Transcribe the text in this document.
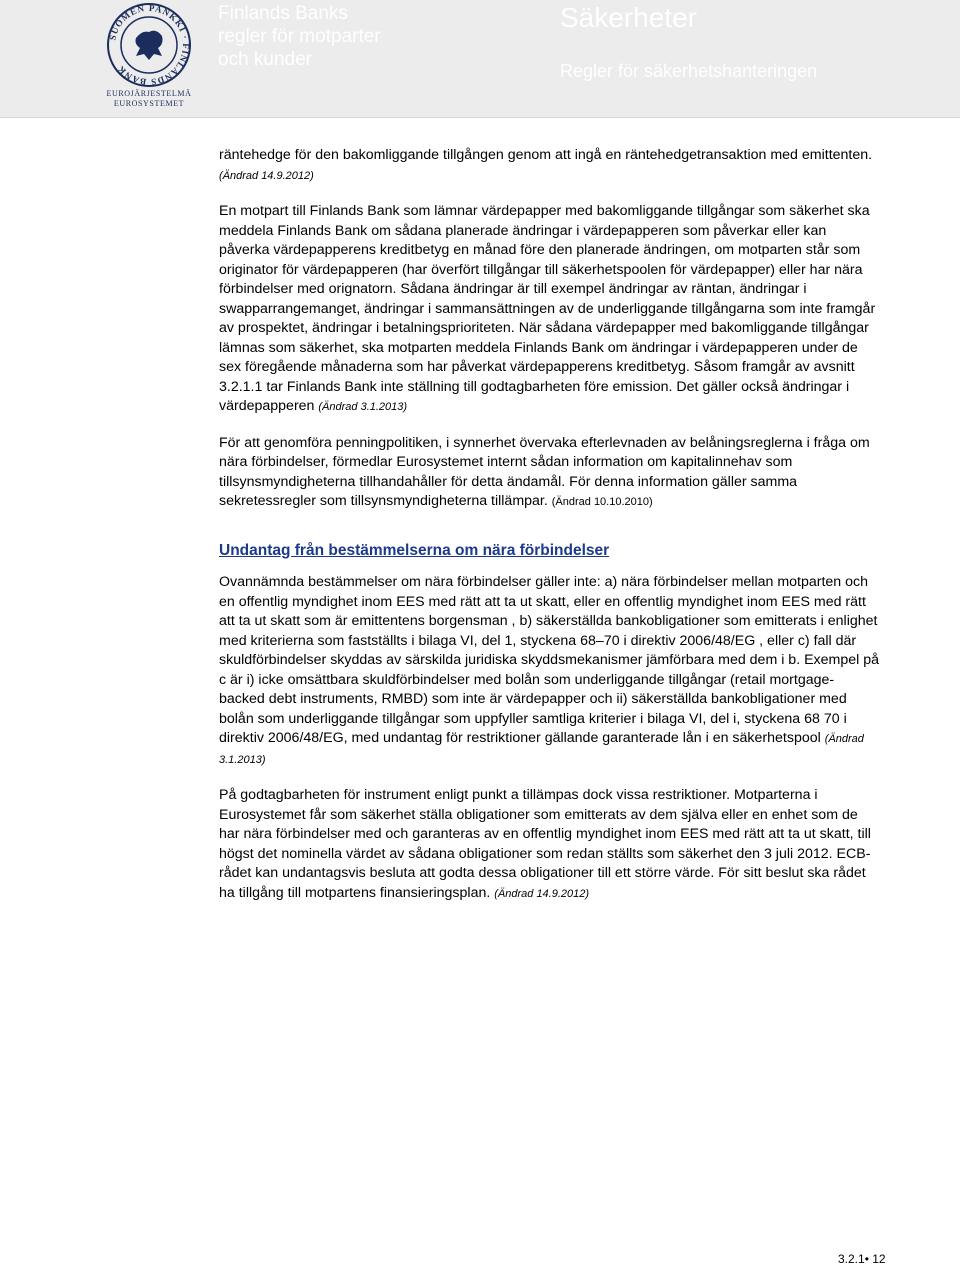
SUOMEN PANKKI · FINLANDS BANK
EUROJÄRJESTELMÄ
EUROSYSTEMET
Finlands Banks
regler för motparter
och kunder
Säkerheter
Regler för säkerhetshanteringen

räntehedge för den bakomliggande tillgången genom att ingå en räntehedgetransaktion med emittenten. (Ändrad 14.9.2012)

En motpart till Finlands Bank som lämnar värdepapper med bakomliggande tillgångar som säkerhet ska meddela Finlands Bank om sådana planerade ändringar i värdepapperen som påverkar eller kan påverka värdepapperens kreditbetyg en månad före den planerade ändringen, om motparten står som originator för värdepapperen (har överfört tillgångar till säkerhetspoolen för värdepapper) eller har nära förbindelser med orignatorn. Sådana ändringar är till exempel ändringar av räntan, ändringar i swapparrangemanget, ändringar i sammansättningen av de underliggande tillgångarna som inte framgår av prospektet, ändringar i betalningsprioriteten. När sådana värdepapper med bakomliggande tillgångar lämnas som säkerhet, ska motparten meddela Finlands Bank om ändringar i värdepapperen under de sex föregående månaderna som har påverkat värdepapperens kreditbetyg. Såsom framgår av avsnitt 3.2.1.1 tar Finlands Bank inte ställning till godtagbarheten före emission. Det gäller också ändringar i värdepapperen (Ändrad 3.1.2013)

För att genomföra penningpolitiken, i synnerhet övervaka efterlevnaden av belåningsreglerna i fråga om nära förbindelser, förmedlar Eurosystemet internt sådan information om kapitalinnehav som tillsynsmyndigheterna tillhandahåller för detta ändamål. För denna information gäller samma sekretessregler som tillsynsmyndigheterna tillämpar. (Ändrad 10.10.2010)

Undantag från bestämmelserna om nära förbindelser

Ovannämnda bestämmelser om nära förbindelser gäller inte: a) nära förbindelser mellan motparten och en offentlig myndighet inom EES med rätt att ta ut skatt, eller en offentlig myndighet inom EES med rätt att ta ut skatt som är emittentens borgensman , b) säkerställda bankobligationer som emitterats i enlighet med kriterierna som fastställts i bilaga VI, del 1, styckena 68–70 i direktiv 2006/48/EG , eller c) fall där skuldförbindelser skyddas av särskilda juridiska skyddsmekanismer jämförbara med dem i b. Exempel på c är i) icke omsättbara skuldförbindelser med bolån som underliggande tillgångar (retail mortgage-backed debt instruments, RMBD) som inte är värdepapper och ii) säkerställda bankobligationer med bolån som underliggande tillgångar som uppfyller samtliga kriterier i bilaga VI, del i, styckena 68 70 i direktiv 2006/48/EG, med undantag för restriktioner gällande garanterade lån i en säkerhetspool (Ändrad 3.1.2013)

På godtagbarheten för instrument enligt punkt a tillämpas dock vissa restriktioner. Motparterna i Eurosystemet får som säkerhet ställa obligationer som emitterats av dem själva eller en enhet som de har nära förbindelser med och garanteras av en offentlig myndighet inom EES med rätt att ta ut skatt, till högst det nominella värdet av sådana obligationer som redan ställts som säkerhet den 3 juli 2012. ECB-rådet kan undantagsvis besluta att godta dessa obligationer till ett större värde. För sitt beslut ska rådet ha tillgång till motpartens finansieringsplan. (Ändrad 14.9.2012)

3.2.1• 12
